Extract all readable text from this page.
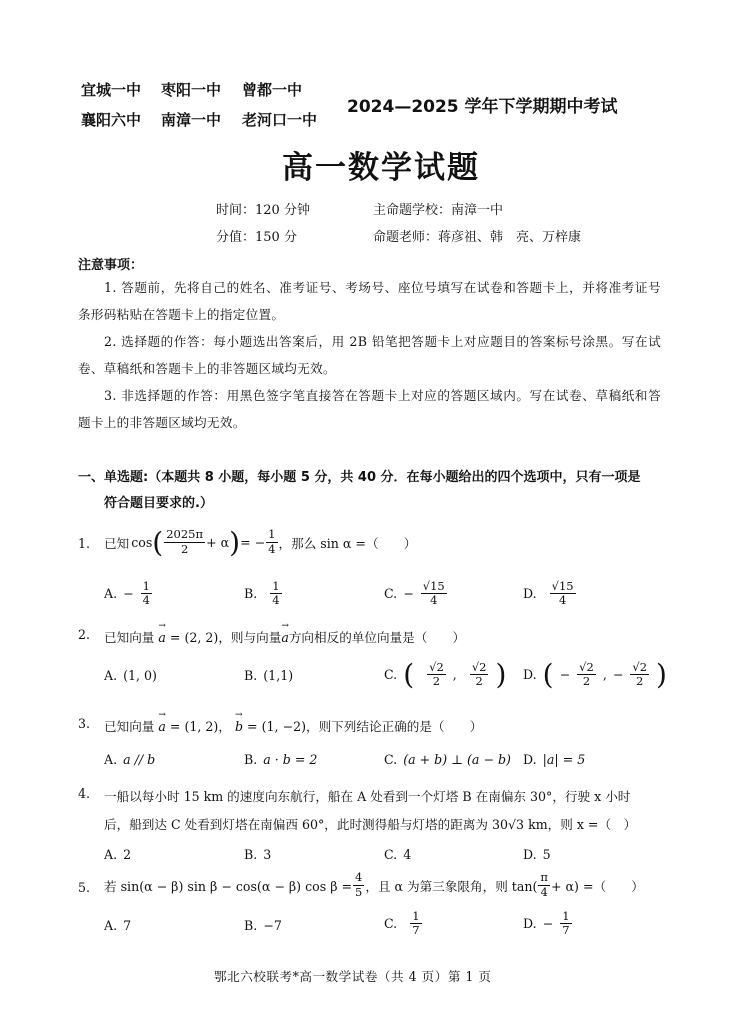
宜城一中 枣阳一中 曾都一中
襄阳六中 南漳一中 老河口一中
2024—2025 学年下学期期中考试
高一数学试题
时间：120 分钟	主命题学校：南漳一中
分值：150 分	命题老师：蒋彦祖、韩　亮、万梓康
注意事项：
1. 答题前，先将自己的姓名、准考证号、考场号、座位号填写在试卷和答题卡上，并将准考证号条形码粘贴在答题卡上的指定位置。
2. 选择题的作答：每小题选出答案后，用 2B 铅笔把答题卡上对应题目的答案标号涂黑。写在试卷、草稿纸和答题卡上的非答题区域均无效。
3. 非选择题的作答：用黑色签字笔直接答在答题卡上对应的答题区域内。写在试卷、草稿纸和答题卡上的非答题区域均无效。
一、单选题:（本题共 8 小题，每小题 5 分，共 40 分．在每小题给出的四个选项中，只有一项是
符合题目要求的.）
1. 已知 cos ( $\frac{2025\pi}{2} + \alpha$ ) = − $\frac{1}{4}$ ，那么 sin α =（　　）
A. − $\frac{1}{4}$	B. $\frac{1}{4}$	C. − $\frac{√15}{4}$	D. $\frac{√15}{4}$
2. 已知向量 → a = (2, 2)，则与向量→ a方向相反的单位向量是（　　）
A. (1, 0)	B. (1,1)	C. ( $\frac{√2}{2}$ , $\frac{√2}{2}$ ) D. ( − $\frac{√2}{2}$ , − $\frac{√2}{2}$ )
3. 已知向量 → a = (1, 2)， → b = (1, −2)，则下列结论正确的是（　　）
A. a // b	B. a · b = 2	C. (a + b) ⊥ (a − b) D. |a| = 5
4. 一船以每小时 15 km 的速度向东航行，船在 A 处看到一个灯塔 B 在南偏东 30°，行驶 x 小时
后，船到达 C 处看到灯塔在南偏西 60°，此时测得船与灯塔的距离为 30√3 km，则 x =（　）
A. 2	B. 3	C. 4	D. 5
5. 若 sin(α − β) sin β − cos(α − β) $\cos \beta = \frac{4}{5}$ ，且 α 为第三象限角，则 $\tan( \frac{\pi}{4} + \alpha)$ =（　　）
A. 7	B. −7	C. $\frac{1}{7}$	D. − $\frac{1}{7}$
鄂北六校联考*高一数学试卷（共 4 页）第 1 页
